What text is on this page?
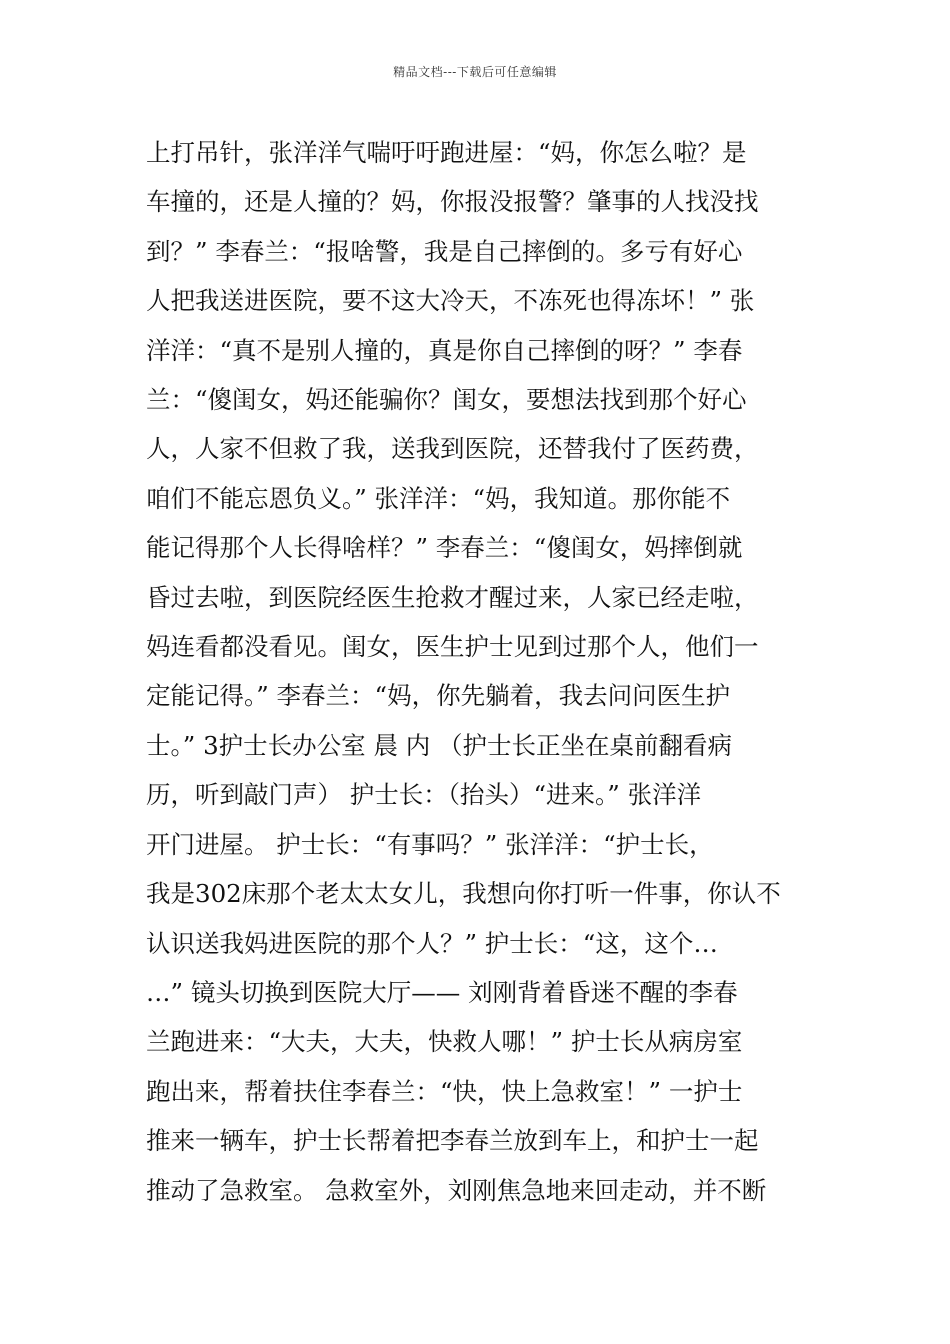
精品文档---下载后可任意编辑
上打吊针，张洋洋气喘吁吁跑进屋：“妈，你怎么啦？是
车撞的，还是人撞的？妈，你报没报警？肇事的人找没找
到？” 李春兰：“报啥警，我是自己摔倒的。多亏有好心
人把我送进医院，要不这大冷天，不冻死也得冻坏！” 张
洋洋：“真不是别人撞的，真是你自己摔倒的呀？” 李春
兰：“傻闺女，妈还能骗你？闺女，要想法找到那个好心
人，人家不但救了我，送我到医院，还替我付了医药费，
咱们不能忘恩负义。” 张洋洋：“妈，我知道。那你能不
能记得那个人长得啥样？” 李春兰：“傻闺女，妈摔倒就
昏过去啦，到医院经医生抢救才醒过来，人家已经走啦，
妈连看都没看见。闺女，医生护士见到过那个人，他们一
定能记得。” 李春兰：“妈，你先躺着，我去问问医生护
士。” 3护士长办公室 晨 内 （护士长正坐在桌前翻看病
历，听到敲门声） 护士长：（抬头）“进来。” 张洋洋
开门进屋。 护士长：“有事吗？” 张洋洋：“护士长，
我是302床那个老太太女儿，我想向你打听一件事，你认不
认识送我妈进医院的那个人？” 护士长：“这，这个…
…” 镜头切换到医院大厅—— 刘刚背着昏迷不醒的李春
兰跑进来：“大夫，大夫，快救人哪！” 护士长从病房室
跑出来，帮着扶住李春兰：“快，快上急救室！” 一护士
推来一辆车，护士长帮着把李春兰放到车上，和护士一起
推动了急救室。 急救室外，刘刚焦急地来回走动，并不断
